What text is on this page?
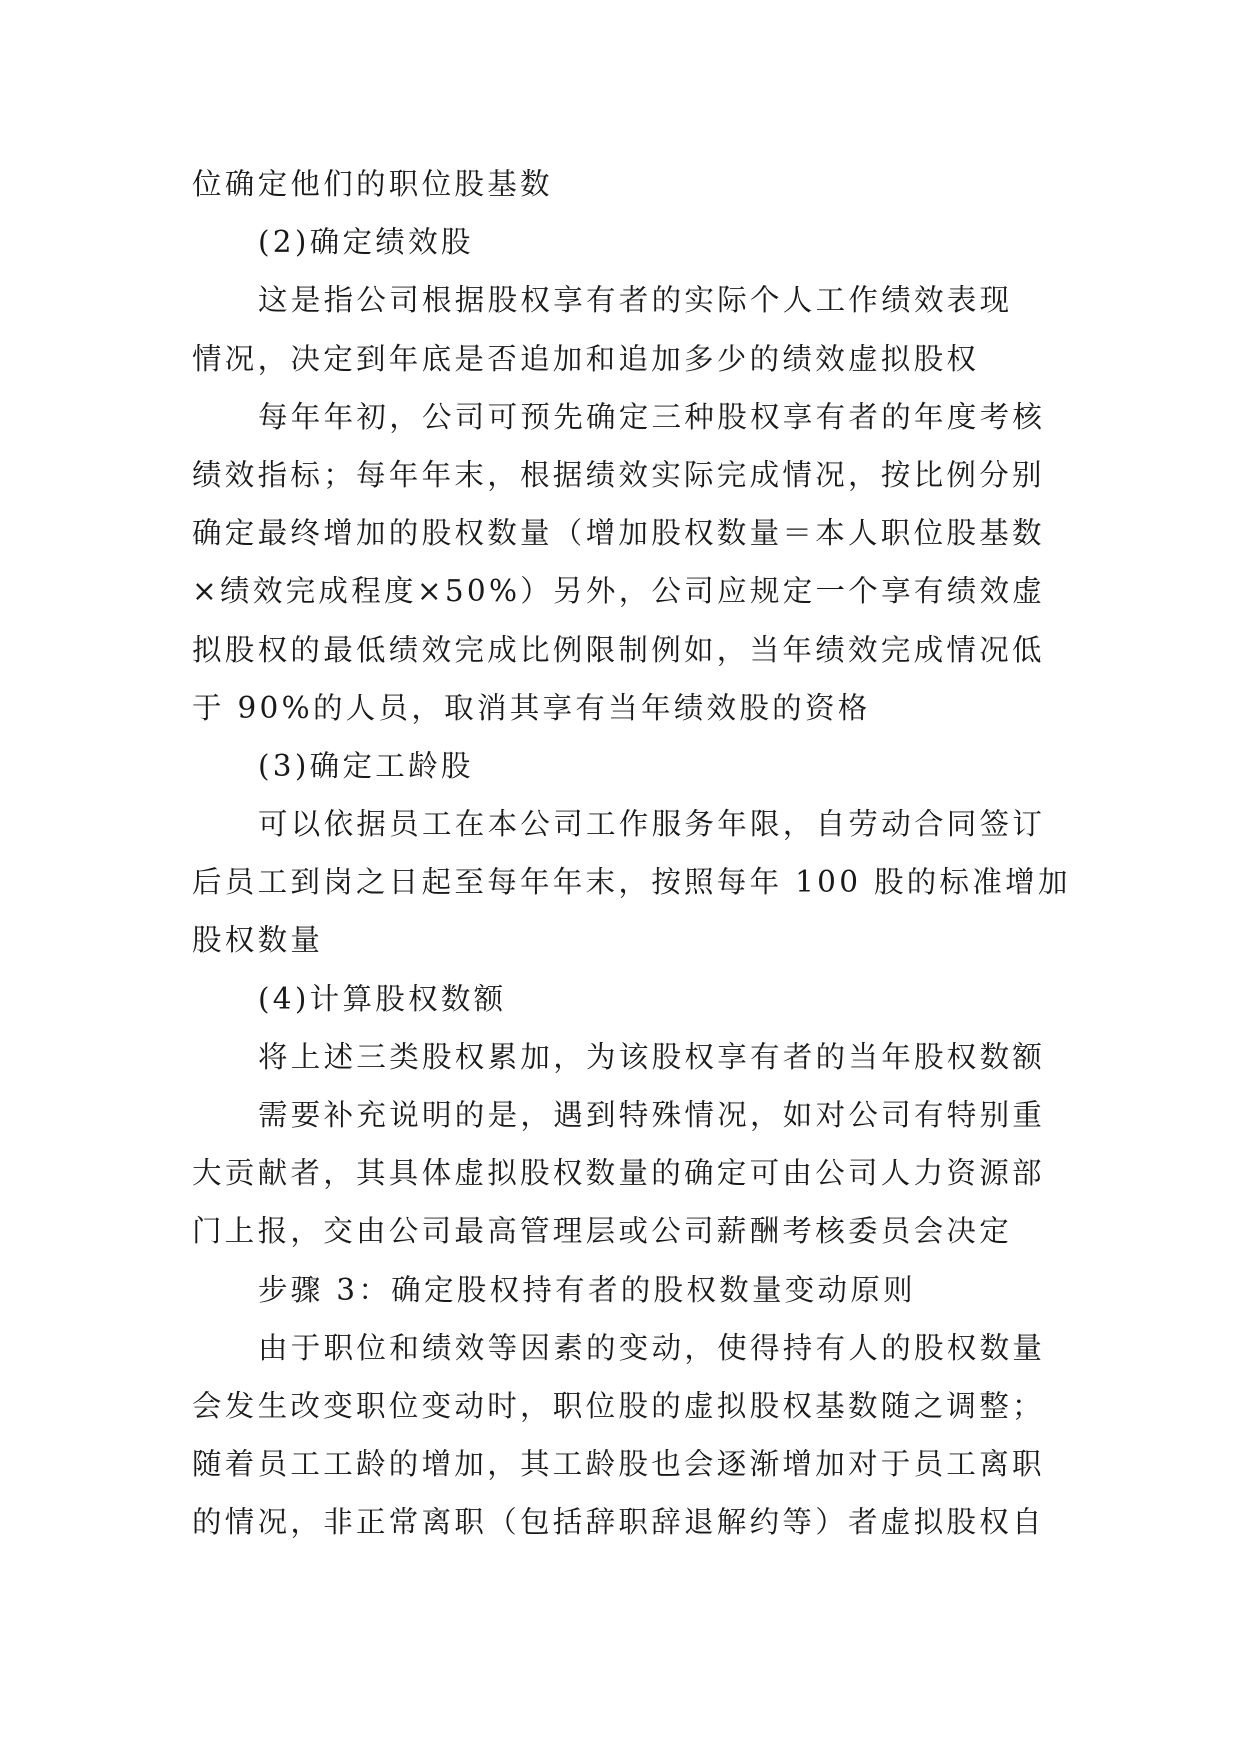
位确定他们的职位股基数
(2)确定绩效股
这是指公司根据股权享有者的实际个人工作绩效表现
情况，决定到年底是否追加和追加多少的绩效虚拟股权
每年年初，公司可预先确定三种股权享有者的年度考核
绩效指标；每年年末，根据绩效实际完成情况，按比例分别
确定最终增加的股权数量（增加股权数量＝本人职位股基数
×绩效完成程度×50%）另外，公司应规定一个享有绩效虚
拟股权的最低绩效完成比例限制例如，当年绩效完成情况低
于 90%的人员，取消其享有当年绩效股的资格
(3)确定工龄股
可以依据员工在本公司工作服务年限，自劳动合同签订
后员工到岗之日起至每年年末，按照每年 100 股的标准增加
股权数量
(4)计算股权数额
将上述三类股权累加，为该股权享有者的当年股权数额
需要补充说明的是，遇到特殊情况，如对公司有特别重
大贡献者，其具体虚拟股权数量的确定可由公司人力资源部
门上报，交由公司最高管理层或公司薪酬考核委员会决定
步骤 3：确定股权持有者的股权数量变动原则
由于职位和绩效等因素的变动，使得持有人的股权数量
会发生改变职位变动时，职位股的虚拟股权基数随之调整；
随着员工工龄的增加，其工龄股也会逐渐增加对于员工离职
的情况，非正常离职（包括辞职辞退解约等）者虚拟股权自
